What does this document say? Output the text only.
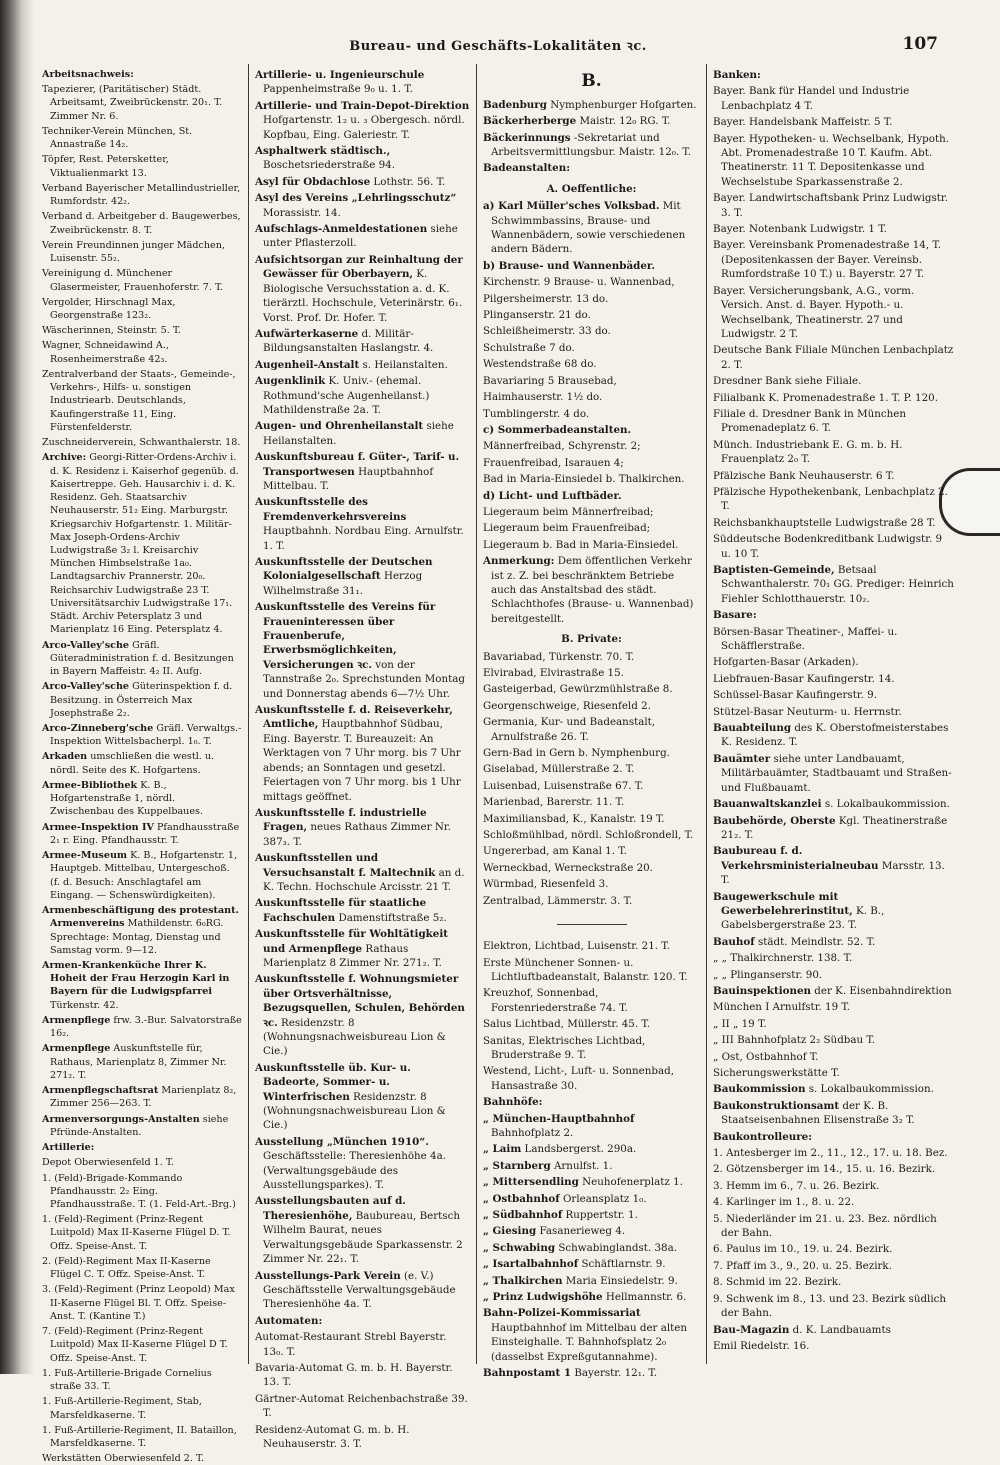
Bureau- und Geschäfts-Lokalitäten ꝛc.	107

Arbeitsnachweis:

Tapezierer, (Paritätischer) Städt. Arbeitsamt, Zweibrückenstr. 20₁. T. Zimmer Nr. 6.

Techniker-Verein München, St. Annastraße 14₂.

Töpfer, Rest. Petersketter, Viktualienmarkt 13.

Verband Bayerischer Metallindustrieller, Rumfordstr. 42₂.

Verband d. Arbeitgeber d. Baugewerbes, Zweibrückenstr. 8. T.

Verein Freundinnen junger Mädchen, Luisenstr. 55₂.

Vereinigung d. Münchener Glasermeister, Frauenhoferstr. 7. T.

Vergolder, Hirschnagl Max, Georgenstraße 123₂.

Wäscherinnen, Steinstr. 5. T.

Wagner, Schneidawind A., Rosenheimerstraße 42₃.

Zentralverband der Staats-, Gemeinde-, Verkehrs-, Hilfs- u. sonstigen Industriearb. Deutschlands, Kaufingerstraße 11, Eing. Fürstenfelderstr.

Zuschneiderverein, Schwanthalerstr. 18.

Archive: Georgi-Ritter-Ordens-Archiv i. d. K. Residenz i. Kaiserhof gegenüb. d. Kaisertreppe. Geh. Hausarchiv i. d. K. Residenz. Geh. Staatsarchiv Neuhauserstr. 51₂ Eing. Marburgstr. Kriegsarchiv Hofgartenstr. 1. Militär-Max Joseph-Ordens-Archiv Ludwigstraße 3₂ l. Kreisarchiv München Himbselstraße 1a₀. Landtagsarchiv Prannerstr. 20₀. Reichsarchiv Ludwigstraße 23 T. Universitätsarchiv Ludwigstraße 17₁. Städt. Archiv Petersplatz 3 und Marienplatz 16 Eing. Petersplatz 4.

Arco-Valley'sche Gräfl. Güteradministration f. d. Besitzungen in Bayern Maffeistr. 4₂ II. Aufg.

Arco-Valley'sche Güterinspektion f. d. Besitzung. in Österreich Max Josephstraße 2₂.

Arco-Zinneberg'sche Gräfl. Verwaltgs.-Inspektion Wittelsbacherpl. 1₀. T.

Arkaden umschließen die westl. u. nördl. Seite des K. Hofgartens.

Armee-Bibliothek K. B., Hofgartenstraße 1, nördl. Zwischenbau des Kuppelbaues.

Armee-Inspektion IV Pfandhausstraße 2₁ r. Eing. Pfandhausstr. T.

Armee-Museum K. B., Hofgartenstr. 1, Hauptgeb. Mittelbau, Untergeschoß. (f. d. Besuch: Anschlagtafel am Eingang. — Schenswürdigkeiten).

Armenbeschäftigung des protestant. Armenvereins Mathildenstr. 6₀RG. Sprechtage: Montag, Dienstag und Samstag vorm. 9—12.

Armen-Krankenküche Ihrer K. Hoheit der Frau Herzogin Karl in Bayern für die Ludwigspfarrei Türkenstr. 42.

Armenpflege frw. 3.-Bur. Salvatorstraße 16₂.

Armenpflege Auskunftstelle für, Rathaus, Marienplatz 8, Zimmer Nr. 271₂. T.

Armenpflegschaftsrat Marienplatz 8₂, Zimmer 256—263. T.

Armenversorgungs-Anstalten siehe Pfründe-Anstalten.

Artillerie:

Depot Oberwiesenfeld 1. T.

1. (Feld)-Brigade-Kommando Pfandhausstr. 2₂ Eing. Pfandhausstraße. T. (1. Feld-Art.-Brg.)

1. (Feld)-Regiment (Prinz-Regent Luitpold) Max II-Kaserne Flügel D. T. Offz. Speise-Anst. T.

2. (Feld)-Regiment Max II-Kaserne Flügel C. T. Offz. Speise-Anst. T.

3. (Feld)-Regiment (Prinz Leopold) Max II-Kaserne Flügel Bl. T. Offz. Speise-Anst. T. (Kantine T.)

7. (Feld)-Regiment (Prinz-Regent Luitpold) Max II-Kaserne Flügel D T. Offz. Speise-Anst. T.

1. Fuß-Artillerie-Brigade Cornelius straße 33. T.

1. Fuß-Artillerie-Regiment, Stab, Marsfeldkaserne. T.

1. Fuß-Artillerie-Regiment, II. Bataillon, Marsfeldkaserne. T.

Werkstätten Oberwiesenfeld 2. T.

Artillerie- u. Ingenieurschule Pappenheimstraße 9₀ u. 1. T.

Artillerie- und Train-Depot-Direktion Hofgartenstr. 1₂ u. ₃ Obergesch. nördl. Kopfbau, Eing. Galeriestr. T.

Asphaltwerk städtisch., Boschetsriederstraße 94.

Asyl für Obdachlose Lothstr. 56. T.

Asyl des Vereins „Lehrlingsschutz“ Morassistr. 14.

Aufschlags-Anmeldestationen siehe unter Pflasterzoll.

Aufsichtsorgan zur Reinhaltung der Gewässer für Oberbayern, K. Biologische Versuchsstation a. d. K. tierärztl. Hochschule, Veterinärstr. 6₁. Vorst. Prof. Dr. Hofer. T.

Aufwärterkaserne d. Militär-Bildungsanstalten Haslangstr. 4.

Augenheil-Anstalt s. Heilanstalten.

Augenklinik K. Univ.- (ehemal. Rothmund'sche Augenheilanst.) Mathildenstraße 2a. T.

Augen- und Ohrenheilanstalt siehe Heilanstalten.

Auskunftsbureau f. Güter-, Tarif- u. Transportwesen Hauptbahnhof Mittelbau. T.

Auskunftsstelle des Fremdenverkehrsvereins Hauptbahnh. Nordbau Eing. Arnulfstr. 1. T.

Auskunftsstelle der Deutschen Kolonialgesellschaft Herzog Wilhelmstraße 31₁.

Auskunftsstelle des Vereins für Fraueninteressen über Frauenberufe, Erwerbsmöglichkeiten, Versicherungen ꝛc. von der Tannstraße 2₀. Sprechstunden Montag und Donnerstag abends 6—7½ Uhr.

Auskunftsstelle f. d. Reiseverkehr, Amtliche, Hauptbahnhof Südbau, Eing. Bayerstr. T. Bureauzeit: An Werktagen von 7 Uhr morg. bis 7 Uhr abends; an Sonntagen und gesetzl. Feiertagen von 7 Uhr morg. bis 1 Uhr mittags geöffnet.

Auskunftsstelle f. industrielle Fragen, neues Rathaus Zimmer Nr. 387₃. T.

Auskunftsstellen und Versuchsanstalt f. Maltechnik an d. K. Techn. Hochschule Arcisstr. 21 T.

Auskunftsstelle für staatliche Fachschulen Damenstiftstraße 5₂.

Auskunftsstelle für Wohltätigkeit und Armenpflege Rathaus Marienplatz 8 Zimmer Nr. 271₂. T.

Auskunftsstelle f. Wohnungsmieter über Ortsverhältnisse, Bezugsquellen, Schulen, Behörden ꝛc. Residenzstr. 8 (Wohnungsnachweisbureau Lion & Cie.)

Auskunftsstelle üb. Kur- u. Badeorte, Sommer- u. Winterfrischen Residenzstr. 8 (Wohnungsnachweisbureau Lion & Cie.)

Ausstellung „München 1910“. Geschäftsstelle: Theresienhöhe 4a. (Verwaltungsgebäude des Ausstellungsparkes). T.

Ausstellungsbauten auf d. Theresienhöhe, Baubureau, Bertsch Wilhelm Baurat, neues Verwaltungsgebäude Sparkassenstr. 2 Zimmer Nr. 22₁. T.

Ausstellungs-Park Verein (e. V.) Geschäftsstelle Verwaltungsgebäude Theresienhöhe 4a. T.

Automaten:

Automat-Restaurant Strebl Bayerstr. 13₀. T.

Bavaria-Automat G. m. b. H. Bayerstr. 13. T.

Gärtner-Automat Reichenbachstraße 39. T.

Residenz-Automat G. m. b. H. Neuhauserstr. 3. T.

B.

Badenburg Nymphenburger Hofgarten.

Bäckerherberge Maistr. 12₀ RG. T.

Bäckerinnungs -Sekretariat und Arbeitsvermittlungsbur. Maistr. 12₀. T.

Badeanstalten:

A. Oeffentliche:

a) Karl Müller'sches Volksbad. Mit Schwimmbassins, Brause- und Wannenbädern, sowie verschiedenen andern Bädern.

b) Brause- und Wannenbäder.

Kirchenstr. 9 Brause- u. Wannenbad,

Pilgersheimerstr. 13 do.

Plinganserstr. 21 do.

Schleißheimerstr. 33 do.

Schulstraße 7 do.

Westendstraße 68 do.

Bavariaring 5 Brausebad,

Haimhauserstr. 1½ do.

Tumblingerstr. 4 do.

c) Sommerbadeanstalten.

Männerfreibad, Schyrenstr. 2;

Frauenfreibad, Isarauen 4;

Bad in Maria-Einsiedel b. Thalkirchen.

d) Licht- und Luftbäder.

Liegeraum beim Männerfreibad;

Liegeraum beim Frauenfreibad;

Liegeraum b. Bad in Maria-Einsiedel.

Anmerkung: Dem öffentlichen Verkehr ist z. Z. bei beschränktem Betriebe auch das Anstaltsbad des städt. Schlachthofes (Brause- u. Wannenbad) bereitgestellt.

B. Private:

Bavariabad, Türkenstr. 70. T.

Elvirabad, Elvirastraße 15.

Gasteigerbad, Gewürzmühlstraße 8.

Georgenschweige, Riesenfeld 2.

Germania, Kur- und Badeanstalt, Arnulfstraße 26. T.

Gern-Bad in Gern b. Nymphenburg.

Giselabad, Müllerstraße 2. T.

Luisenbad, Luisenstraße 67. T.

Marienbad, Barerstr. 11. T.

Maximiliansbad, K., Kanalstr. 19 T.

Schloßmühlbad, nördl. Schloßrondell, T.

Ungererbad, am Kanal 1. T.

Werneckbad, Werneckstraße 20.

Würmbad, Riesenfeld 3.

Zentralbad, Lämmerstr. 3. T.

Elektron, Lichtbad, Luisenstr. 21. T.

Erste Münchener Sonnen- u. Lichtluftbadeanstalt, Balanstr. 120. T.

Kreuzhof, Sonnenbad, Forstenriederstraße 74. T.

Salus Lichtbad, Müllerstr. 45. T.

Sanitas, Elektrisches Lichtbad, Bruderstraße 9. T.

Westend, Licht-, Luft- u. Sonnenbad, Hansastraße 30.

Bahnhöfe:

„ München-Hauptbahnhof Bahnhofplatz 2.

„ Laim Landsbergerst. 290a.

„ Starnberg Arnulfst. 1.

„ Mittersendling Neuhofenerplatz 1.

„ Ostbahnhof Orleansplatz 1₀.

„ Südbahnhof Ruppertstr. 1.

„ Giesing Fasanerieweg 4.

„ Schwabing Schwabinglandst. 38a.

„ Isartalbahnhof Schäftlarnstr. 9.

„ Thalkirchen Maria Einsiedelstr. 9.

„ Prinz Ludwigshöhe Hellmannstr. 6.

Bahn-Polizei-Kommissariat Hauptbahnhof im Mittelbau der alten Einsteighalle. T. Bahnhofsplatz 2₀ (dasselbst Expreßgutannahme).

Bahnpostamt 1 Bayerstr. 12₁. T.

Banken:

Bayer. Bank für Handel und Industrie Lenbachplatz 4 T.

Bayer. Handelsbank Maffeistr. 5 T.

Bayer. Hypotheken- u. Wechselbank, Hypoth. Abt. Promenadestraße 10 T. Kaufm. Abt. Theatinerstr. 11 T. Depositenkasse und Wechselstube Sparkassenstraße 2.

Bayer. Landwirtschaftsbank Prinz Ludwigstr. 3. T.

Bayer. Notenbank Ludwigstr. 1 T.

Bayer. Vereinsbank Promenadestraße 14, T. (Depositenkassen der Bayer. Vereinsb. Rumfordstraße 10 T.) u. Bayerstr. 27 T.

Bayer. Versicherungsbank, A.G., vorm. Versich. Anst. d. Bayer. Hypoth.- u. Wechselbank, Theatinerstr. 27 und Ludwigstr. 2 T.

Deutsche Bank Filiale München Lenbachplatz 2. T.

Dresdner Bank siehe Filiale.

Filialbank K. Promenadestraße 1. T. P. 120.

Filiale d. Dresdner Bank in München Promenadeplatz 6. T.

Münch. Industriebank E. G. m. b. H. Frauenplatz 2₀ T.

Pfälzische Bank Neuhauserstr. 6 T.

Pfälzische Hypothekenbank, Lenbachplatz 2. T.

Reichsbankhauptstelle Ludwigstraße 28 T.

Süddeutsche Bodenkreditbank Ludwigstr. 9 u. 10 T.

Baptisten-Gemeinde, Betsaal Schwanthalerstr. 70₁ GG. Prediger: Heinrich Fiehler Schlotthauerstr. 10₂.

Basare:

Börsen-Basar Theatiner-, Maffei- u. Schäfflerstraße.

Hofgarten-Basar (Arkaden).

Liebfrauen-Basar Kaufingerstr. 14.

Schüssel-Basar Kaufingerstr. 9.

Stützel-Basar Neuturm- u. Herrnstr.

Bauabteilung des K. Oberstofmeisterstabes K. Residenz. T.

Bauämter siehe unter Landbauamt, Militärbauämter, Stadtbauamt und Straßen- und Flußbauamt.

Bauanwaltskanzlei s. Lokalbaukommission.

Baubehörde, Oberste Kgl. Theatinerstraße 21₂. T.

Baubureau f. d. Verkehrsministerialneubau Marsstr. 13. T.

Baugewerkschule mit Gewerbelehrerinstitut, K. B., Gabelsbergerstraße 23. T.

Bauhof städt. Meindlstr. 52. T.

„ „ Thalkirchnerstr. 138. T.

„ „ Plinganserstr. 90.

Bauinspektionen der K. Eisenbahndirektion

München I Arnulfstr. 19 T.

„ II „ 19 T.

„ III Bahnhofplatz 2₂ Südbau T.

„ Ost, Ostbahnhof T.

Sicherungswerkstätte T.

Baukommission s. Lokalbaukommission.

Baukonstruktionsamt der K. B. Staatseisenbahnen Elisenstraße 3₂ T.

Baukontrolleure:

1. Antesberger im 2., 11., 12., 17. u. 18. Bez.

2. Götzensberger im 14., 15. u. 16. Bezirk.

3. Hemm im 6., 7. u. 26. Bezirk.

4. Karlinger im 1., 8. u. 22.

5. Niederländer im 21. u. 23. Bez. nördlich der Bahn.

6. Paulus im 10., 19. u. 24. Bezirk.

7. Pfaff im 3., 9., 20. u. 25. Bezirk.

8. Schmid im 22. Bezirk.

9. Schwenk im 8., 13. und 23. Bezirk südlich der Bahn.

Bau-Magazin d. K. Landbauamts

Emil Riedelstr. 16.
